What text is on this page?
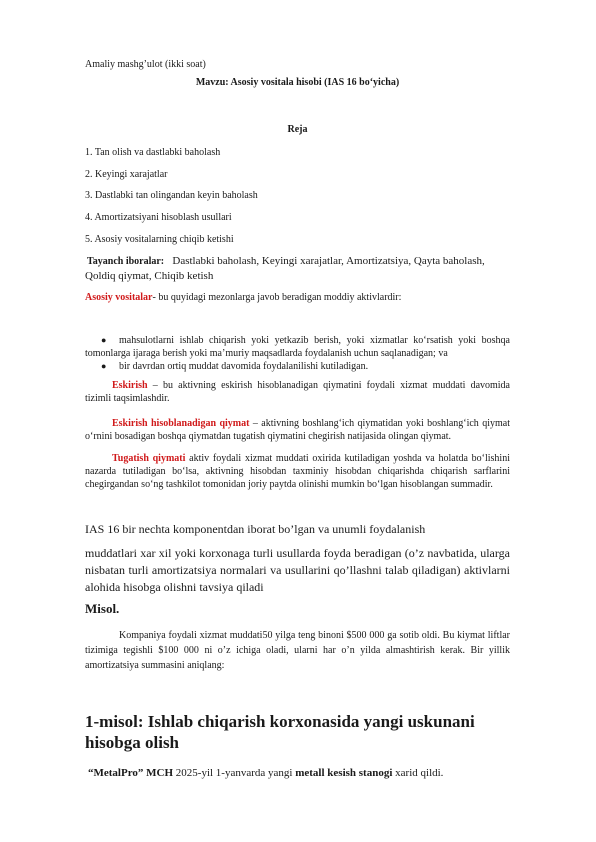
Amaliy mashg’ulot (ikki soat)
Mavzu: Asosiy vositala hisobi (IAS 16 bo‘yicha)
Reja
1. Tan olish va dastlabki baholash
2. Keyingi xarajatlar
3. Dastlabki tan olingandan keyin baholash
4. Amortizatsiyani hisoblash usullari
5. Asosiy vositalarning chiqib ketishi
Tayanch iboralar: Dastlabki baholash, Keyingi xarajatlar, Amortizatsiya, Qayta baholash,
Qoldiq qiymat, Chiqib ketish
Asosiy vositalar- bu quyidagi mezonlarga javob beradigan moddiy aktivlardir:
●	mahsulotlarni ishlab chiqarish yoki yetkazib berish, yoki xizmatlar ko‘rsatish yoki boshqa tomonlarga ijaraga berish yoki ma’muriy maqsadlarda foydalanish uchun saqlanadigan; va
● bir davrdan ortiq muddat davomida foydalanilishi kutiladigan.
Eskirish – bu aktivning eskirish hisoblanadigan qiymatini foydali xizmat muddati davomida tizimli taqsimlashdir.
Eskirish hisoblanadigan qiymat – aktivning boshlang‘ich qiymatidan yoki boshlang‘ich qiymat o‘rnini bosadigan boshqa qiymatdan tugatish qiymatini chegirish natijasida olingan qiymat.
Tugatish qiymati aktiv foydali xizmat muddati oxirida kutiladigan yoshda va holatda bo‘lishini nazarda tutiladigan bo‘lsa, aktivning hisobdan taxminiy hisobdan chiqarishda chiqarish sarflarini chegirgandan so‘ng tashkilot tomonidan joriy paytda olinishi mumkin bo‘lgan hisoblangan summadir.
IAS 16 bir nechta komponentdan iborat bo’lgan va unumli foydalanish
muddatlari xar xil yoki korxonaga turli usullarda foyda beradigan (o’z navbatida, ularga nisbatan turli amortizatsiya normalari va usullarini qo’llashni talab qiladigan) aktivlarni alohida hisobga olishni tavsiya qiladi
Misol.
Kompaniya foydali xizmat muddati50 yilga teng binoni $500 000 ga sotib oldi. Bu kiymat liftlar tizimiga tegishli $100 000 ni o’z ichiga oladi, ularni har o’n yilda almashtirish kerak. Bir yillik amortizatsiya summasini aniqlang:
1-misol: Ishlab chiqarish korxonasida yangi uskunani hisobga olish
“MetalPro” MCH 2025-yil 1-yanvarda yangi metall kesish stanogi xarid qildi.
